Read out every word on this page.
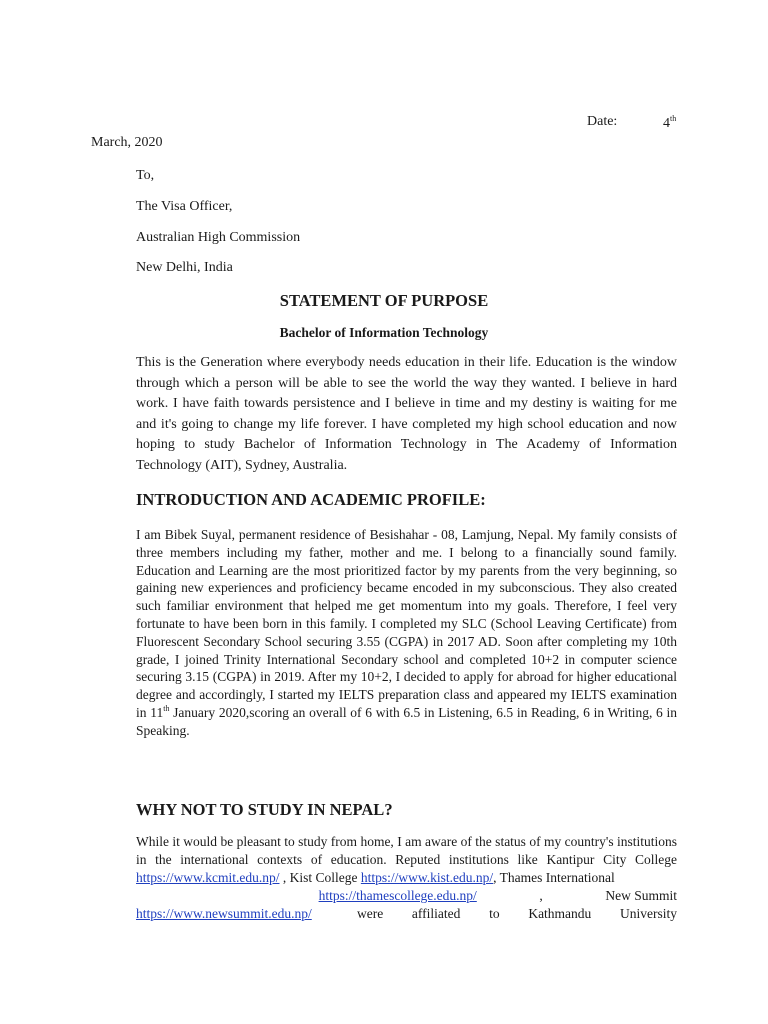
Date:	4th
March, 2020
To,
The Visa Officer,
Australian High Commission
New Delhi, India
STATEMENT OF PURPOSE
Bachelor of Information Technology

This is the Generation where everybody needs education in their life. Education is the window through which a person will be able to see the world the way they wanted. I believe in hard work. I have faith towards persistence and I believe in time and my destiny is waiting for me and it's going to change my life forever. I have completed my high school education and now hoping to study Bachelor of Information Technology in The Academy of Information Technology (AIT), Sydney, Australia.

INTRODUCTION AND ACADEMIC PROFILE:

I am Bibek Suyal, permanent residence of Besishahar - 08, Lamjung, Nepal. My family consists of three members including my father, mother and me. I belong to a financially sound family. Education and Learning are the most prioritized factor by my parents from the very beginning, so gaining new experiences and proficiency became encoded in my subconscious. They also created such familiar environment that helped me get momentum into my goals. Therefore, I feel very fortunate to have been born in this family. I completed my SLC (School Leaving Certificate) from Fluorescent Secondary School securing 3.55 (CGPA) in 2017 AD. Soon after completing my 10th grade, I joined Trinity International Secondary school and completed 10+2 in computer science securing 3.15 (CGPA) in 2019. After my 10+2, I decided to apply for abroad for higher educational degree and accordingly, I started my IELTS preparation class and appeared my IELTS examination in 11th January 2020,scoring an overall of 6 with 6.5 in Listening, 6.5 in Reading, 6 in Writing, 6 in Speaking.

WHY NOT TO STUDY IN NEPAL?

While it would be pleasant to study from home, I am aware of the status of my country's institutions in the international contexts of education. Reputed institutions like Kantipur City College https://www.kcmit.edu.np/ , Kist College https://www.kist.edu.np/, Thames International

https://thamescollege.edu.np/	,	New Summit
https://www.newsummit.edu.np/	were affiliated to Kathmandu University
